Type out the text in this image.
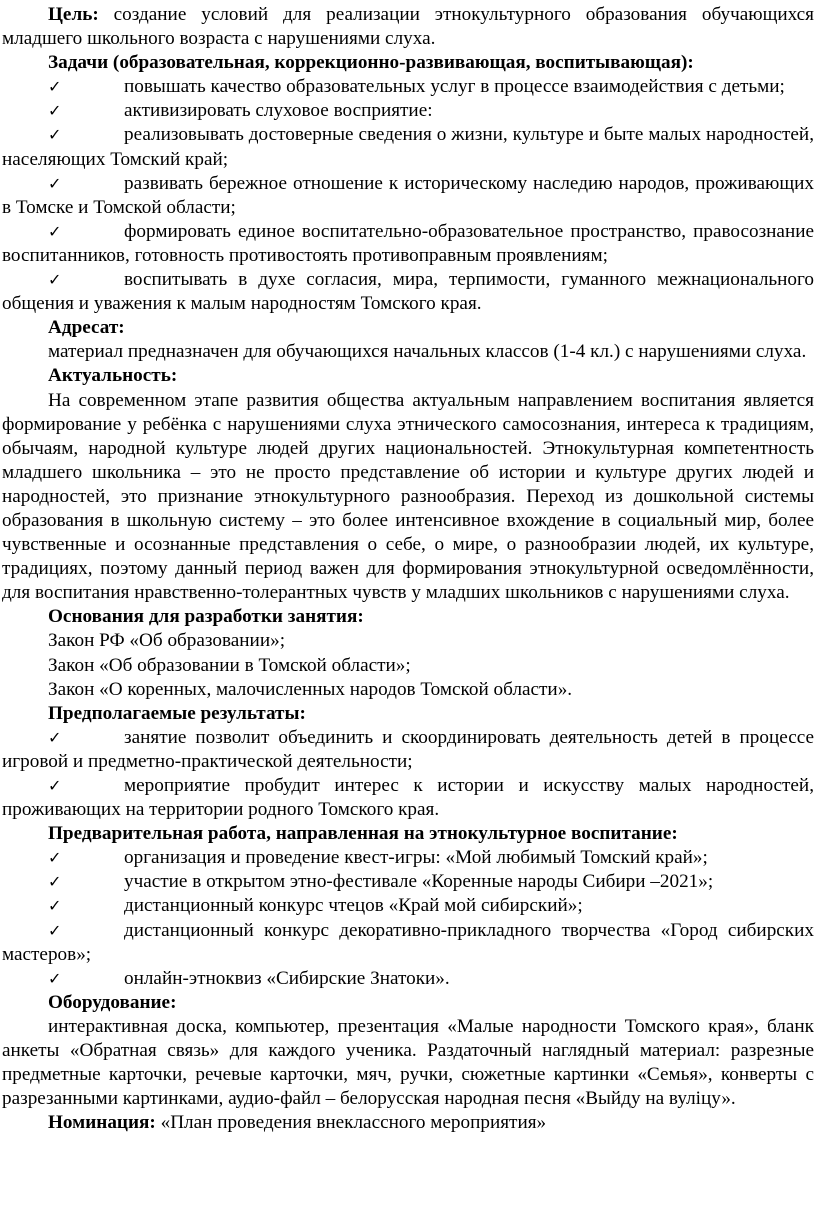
Цель: создание условий для реализации этнокультурного образования обучающихся младшего школьного возраста с нарушениями слуха.

Задачи (образовательная, коррекционно-развивающая, воспитывающая):

✓	повышать качество образовательных услуг в процессе взаимодействия с детьми;

✓	активизировать слуховое восприятие:

✓	реализовывать достоверные сведения о жизни, культуре и быте малых народностей, населяющих Томский край;

✓	развивать бережное отношение к историческому наследию народов, проживающих в Томске и Томской области;

✓	формировать единое воспитательно-образовательное пространство, правосознание воспитанников, готовность противостоять противоправным проявлениям;

✓	воспитывать в духе согласия, мира, терпимости, гуманного межнационального общения и уважения к малым народностям Томского края.

Адресат:

материал предназначен для обучающихся начальных классов (1-4 кл.) с нарушениями слуха.

Актуальность:

На современном этапе развития общества актуальным направлением воспитания является формирование у ребёнка с нарушениями слуха этнического самосознания, интереса к традициям, обычаям, народной культуре людей других национальностей. Этнокультурная компетентность младшего школьника – это не просто представление об истории и культуре других людей и народностей, это признание этнокультурного разнообразия. Переход из дошкольной системы образования в школьную систему – это более интенсивное вхождение в социальный мир, более чувственные и осознанные представления о себе, о мире, о разнообразии людей, их культуре, традициях, поэтому данный период важен для формирования этнокультурной осведомлённости, для воспитания нравственно-толерантных чувств у младших школьников с нарушениями слуха.

Основания для разработки занятия:

Закон РФ «Об образовании»;

Закон «Об образовании в Томской области»;

Закон «О коренных, малочисленных народов Томской области».

Предполагаемые результаты:

✓	занятие позволит объединить и скоординировать деятельность детей в процессе игровой и предметно-практической деятельности;

✓	мероприятие пробудит интерес к истории и искусству малых народностей, проживающих на территории родного Томского края.

Предварительная работа, направленная на этнокультурное воспитание:

✓	организация и проведение квест-игры: «Мой любимый Томский край»;

✓	участие в открытом этно-фестивале «Коренные народы Сибири –2021»;

✓	дистанционный конкурс чтецов «Край мой сибирский»;

✓	дистанционный конкурс декоративно-прикладного творчества «Город сибирских мастеров»;

✓	онлайн-этноквиз «Сибирские Знатоки».

Оборудование:

интерактивная доска, компьютер, презентация «Малые народности Томского края», бланк анкеты «Обратная связь» для каждого ученика. Раздаточный наглядный материал: разрезные предметные карточки, речевые карточки, мяч, ручки, сюжетные картинки «Семья», конверты с разрезанными картинками, аудио-файл – белорусская народная песня «Выйду на вуліцу».

Номинация: «План проведения внеклассного мероприятия»
